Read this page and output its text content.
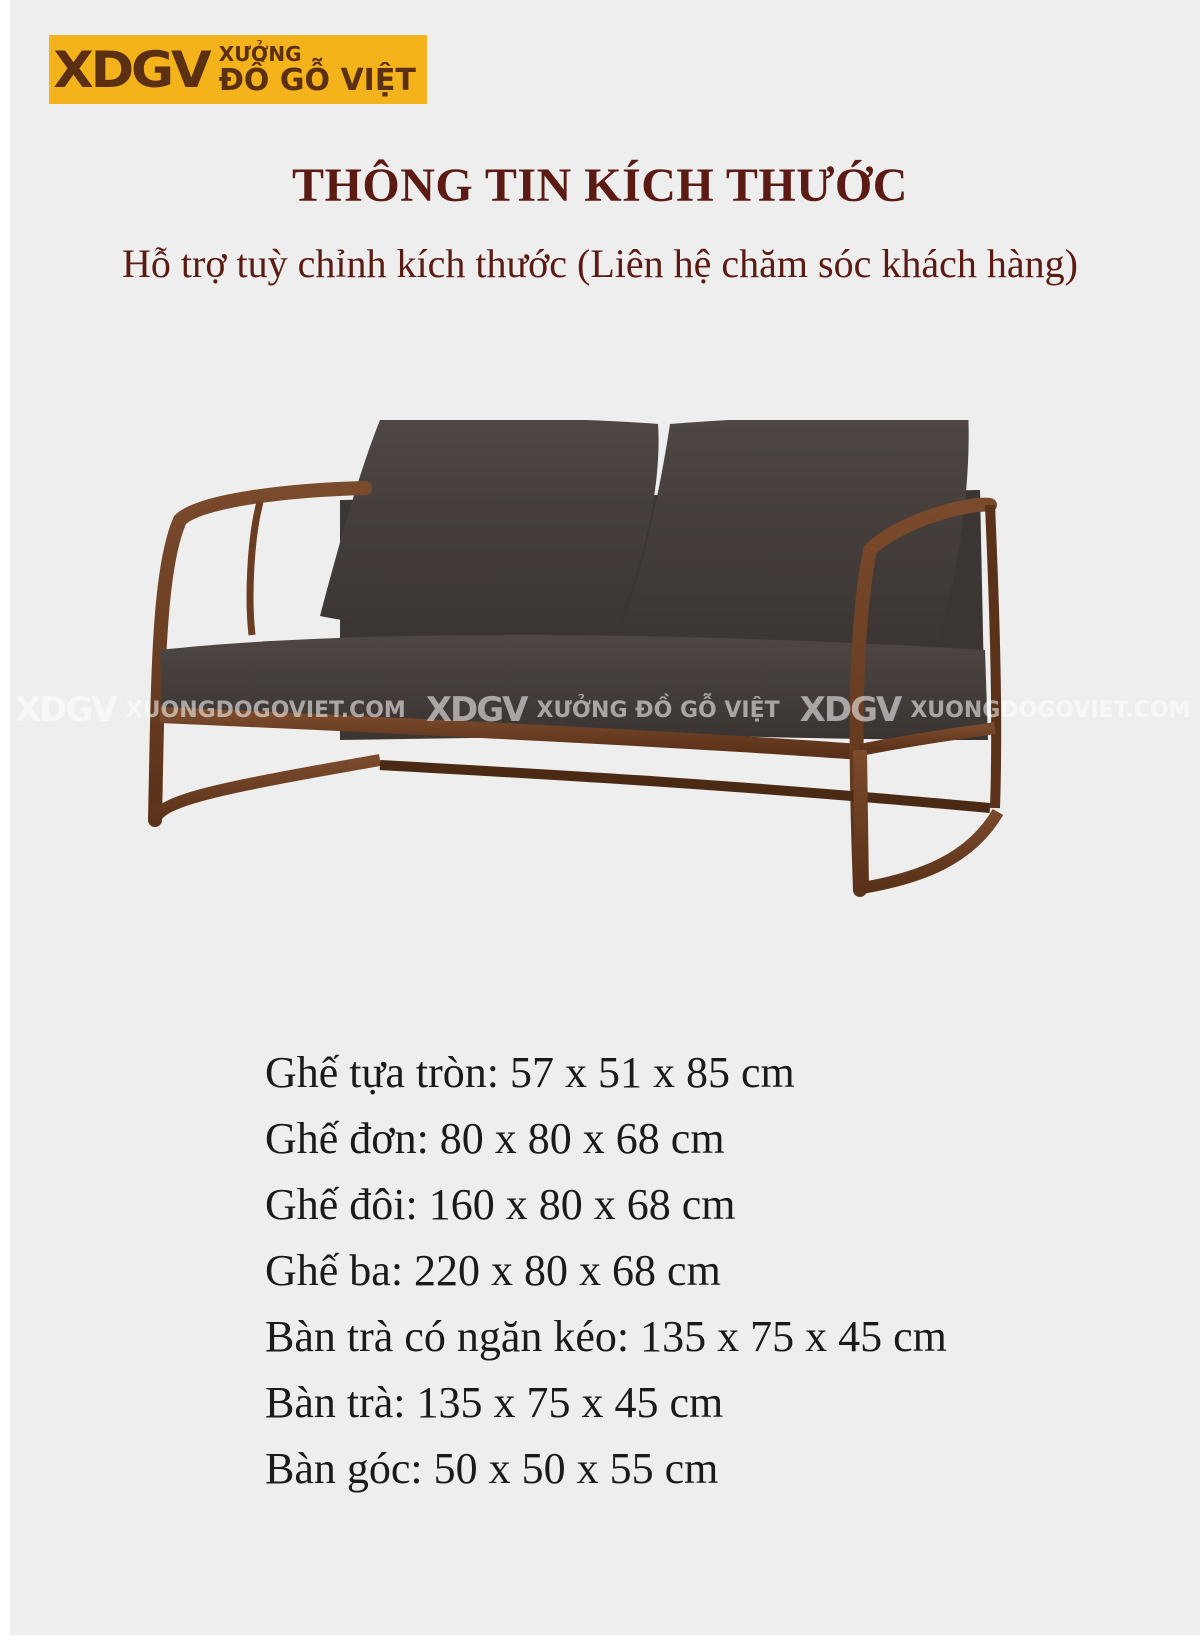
XDGV XƯỞNG
ĐỒ GỖ VIỆT
THÔNG TIN KÍCH THƯỚC
Hỗ trợ tuỳ chỉnh kích thước (Liên hệ chăm sóc khách hàng)
XDGV XUONGDOGOVIET.COM XDGV XƯỞNG ĐỒ GỖ VIỆT XDGV XUONGDOGOVIET.COM
Ghế tựa tròn: 57 x 51 x 85 cm
Ghế đơn: 80 x 80 x 68 cm
Ghế đôi: 160 x 80 x 68 cm
Ghế ba: 220 x 80 x 68 cm
Bàn trà có ngăn kéo: 135 x 75 x 45 cm
Bàn trà: 135 x 75 x 45 cm
Bàn góc: 50 x 50 x 55 cm
